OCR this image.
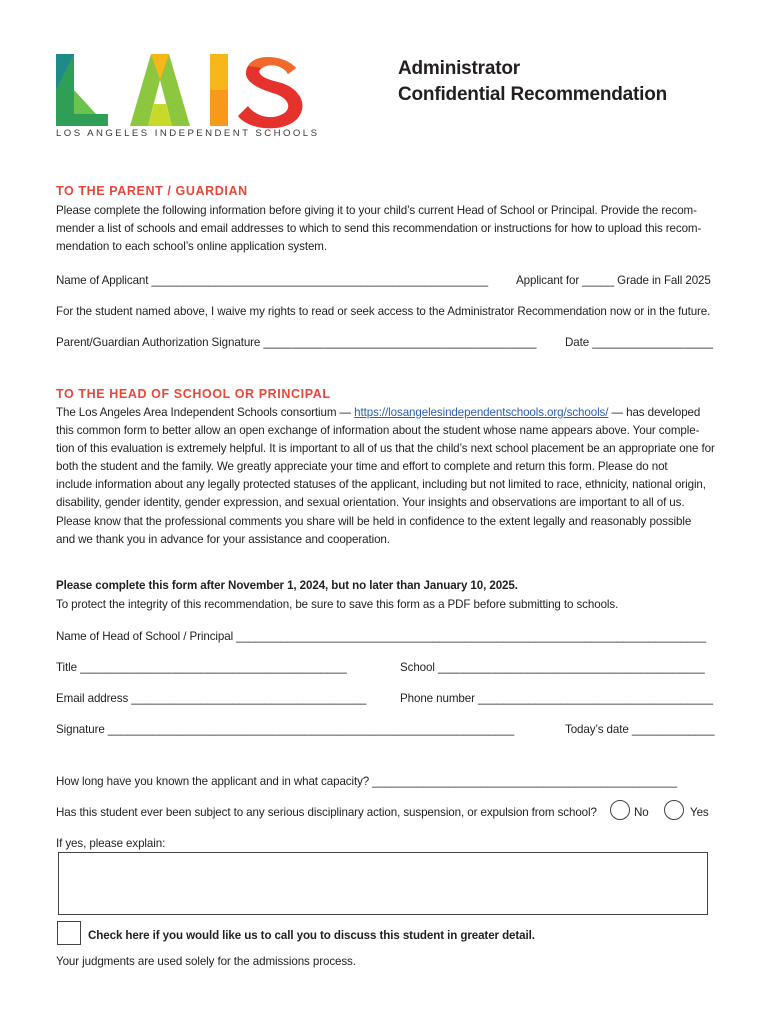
LOS ANGELES INDEPENDENT SCHOOLS
Administrator
Confidential Recommendation
TO THE PARENT / GUARDIAN
Please complete the following information before giving it to your child’s current Head of School or Principal. Provide the recom-
mender a list of schools and email addresses to which to send this recommendation or instructions for how to upload this recom-
mendation to each school’s online application system.
Name of Applicant _____________________________________________________ Applicant for _____ Grade in Fall 2025
For the student named above, I waive my rights to read or seek access to the Administrator Recommendation now or in the future.
Parent/Guardian Authorization Signature ___________________________________________ Date ___________________
TO THE HEAD OF SCHOOL OR PRINCIPAL
The Los Angeles Area Independent Schools consortium — https://losangelesindependentschools.org/schools/ — has developed
this common form to better allow an open exchange of information about the student whose name appears above. Your comple-
tion of this evaluation is extremely helpful. It is important to all of us that the child’s next school placement be an appropriate one for
both the student and the family. We greatly appreciate your time and effort to complete and return this form. Please do not
include information about any legally protected statuses of the applicant, including but not limited to race, ethnicity, national origin,
disability, gender identity, gender expression, and sexual orientation. Your insights and observations are important to all of us.
Please know that the professional comments you share will be held in confidence to the extent legally and reasonably possible
and we thank you in advance for your assistance and cooperation.
Please complete this form after November 1, 2024, but no later than January 10, 2025.
To protect the integrity of this recommendation, be sure to save this form as a PDF before submitting to schools.
Name of Head of School / Principal __________________________________________________________________________
Title __________________________________________	School __________________________________________
Email address _____________________________________	Phone number _____________________________________
Signature ________________________________________________________________	Today’s date _____________
How long have you known the applicant and in what capacity? ________________________________________________
Has this student ever been subject to any serious disciplinary action, suspension, or expulsion from school?	No	Yes
If yes, please explain:
Check here if you would like us to call you to discuss this student in greater detail.
Your judgments are used solely for the admissions process.
